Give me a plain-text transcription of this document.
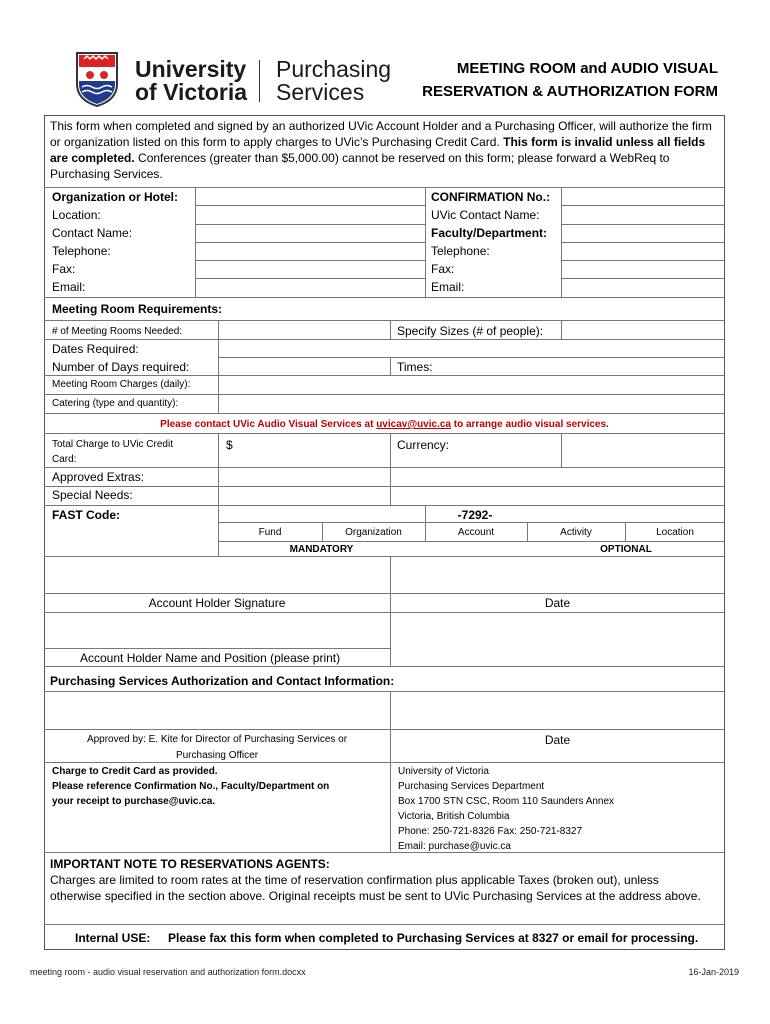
University
of Victoria
Purchasing
Services
MEETING ROOM and AUDIO VISUAL
RESERVATION & AUTHORIZATION FORM
This form when completed and signed by an authorized UVic Account Holder and a Purchasing Officer, will authorize the firm or organization listed on this form to apply charges to UVic’s Purchasing Credit Card. This form is invalid unless all fields are completed. Conferences (greater than $5,000.00) cannot be reserved on this form; please forward a WebReq to Purchasing Services.
Organization or Hotel:
Location:
Contact Name:
Telephone:
Fax:
Email:
CONFIRMATION No.:
UVic Contact Name:
Faculty/Department:
Telephone:
Fax:
Email:
Meeting Room Requirements:
# of Meeting Rooms Needed:	Specify Sizes (# of people):
Dates Required:
Number of Days required:	Times:
Meeting Room Charges (daily):
Catering (type and quantity):
Please contact UVic Audio Visual Services at uvicav@uvic.ca to arrange audio visual services.
Total Charge to UVic Credit
Card:
$	Currency:
Approved Extras:
Special Needs:
FAST Code:	-7292-
Fund	Organization	Account	Activity	Location
MANDATORY	OPTIONAL
Account Holder Signature	Date
Account Holder Name and Position (please print)
Purchasing Services Authorization and Contact Information:
Approved by: E. Kite for Director of Purchasing Services or
Purchasing Officer
Date
Charge to Credit Card as provided.
Please reference Confirmation No., Faculty/Department on
your receipt to purchase@uvic.ca.
University of Victoria
Purchasing Services Department
Box 1700 STN CSC, Room 110 Saunders Annex
Victoria, British Columbia
Phone: 250-721-8326 Fax: 250-721-8327
Email: purchase@uvic.ca
IMPORTANT NOTE TO RESERVATIONS AGENTS:
Charges are limited to room rates at the time of reservation confirmation plus applicable Taxes (broken out), unless otherwise specified in the section above. Original receipts must be sent to UVic Purchasing Services at the address above.
Internal USE: Please fax this form when completed to Purchasing Services at 8327 or email for processing.
meeting room - audio visual reservation and authorization form.docxx	16-Jan-2019
